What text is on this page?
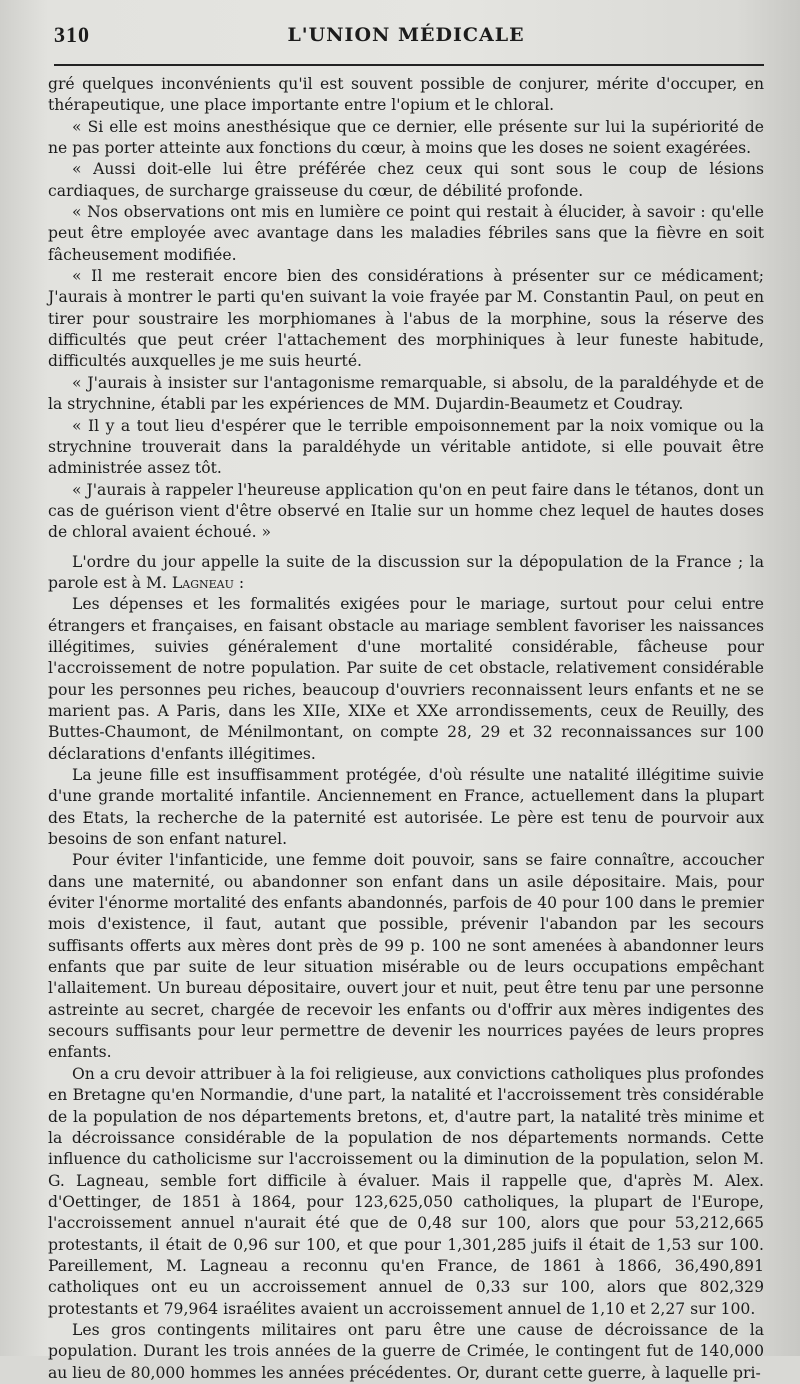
310	L'UNION MÉDICALE

gré quelques inconvénients qu'il est souvent possible de conjurer, mérite d'occuper, en thérapeutique, une place importante entre l'opium et le chloral.

« Si elle est moins anesthésique que ce dernier, elle présente sur lui la supériorité de ne pas porter atteinte aux fonctions du cœur, à moins que les doses ne soient exagérées.

« Aussi doit-elle lui être préférée chez ceux qui sont sous le coup de lésions cardiaques, de surcharge graisseuse du cœur, de débilité profonde.

« Nos observations ont mis en lumière ce point qui restait à élucider, à savoir : qu'elle peut être employée avec avantage dans les maladies fébriles sans que la fièvre en soit fâcheusement modifiée.

« Il me resterait encore bien des considérations à présenter sur ce médicament; J'aurais à montrer le parti qu'en suivant la voie frayée par M. Constantin Paul, on peut en tirer pour soustraire les morphiomanes à l'abus de la morphine, sous la réserve des difficultés que peut créer l'attachement des morphiniques à leur funeste habitude, difficultés auxquelles je me suis heurté.

« J'aurais à insister sur l'antagonisme remarquable, si absolu, de la paraldéhyde et de la strychnine, établi par les expériences de MM. Dujardin-Beaumetz et Coudray.

« Il y a tout lieu d'espérer que le terrible empoisonnement par la noix vomique ou la strychnine trouverait dans la paraldéhyde un véritable antidote, si elle pouvait être administrée assez tôt.

« J'aurais à rappeler l'heureuse application qu'on en peut faire dans le tétanos, dont un cas de guérison vient d'être observé en Italie sur un homme chez lequel de hautes doses de chloral avaient échoué. »

L'ordre du jour appelle la suite de la discussion sur la dépopulation de la France ; la parole est à M. Lagneau :

Les dépenses et les formalités exigées pour le mariage, surtout pour celui entre étrangers et françaises, en faisant obstacle au mariage semblent favoriser les naissances illégitimes, suivies généralement d'une mortalité considérable, fâcheuse pour l'accroissement de notre population. Par suite de cet obstacle, relativement considérable pour les personnes peu riches, beaucoup d'ouvriers reconnaissent leurs enfants et ne se marient pas. A Paris, dans les XIIe, XIXe et XXe arrondissements, ceux de Reuilly, des Buttes-Chaumont, de Ménilmontant, on compte 28, 29 et 32 reconnaissances sur 100 déclarations d'enfants illégitimes.

La jeune fille est insuffisamment protégée, d'où résulte une natalité illégitime suivie d'une grande mortalité infantile. Anciennement en France, actuellement dans la plupart des Etats, la recherche de la paternité est autorisée. Le père est tenu de pourvoir aux besoins de son enfant naturel.

Pour éviter l'infanticide, une femme doit pouvoir, sans se faire connaître, accoucher dans une maternité, ou abandonner son enfant dans un asile dépositaire. Mais, pour éviter l'énorme mortalité des enfants abandonnés, parfois de 40 pour 100 dans le premier mois d'existence, il faut, autant que possible, prévenir l'abandon par les secours suffisants offerts aux mères dont près de 99 p. 100 ne sont amenées à abandonner leurs enfants que par suite de leur situation misérable ou de leurs occupations empêchant l'allaitement. Un bureau dépositaire, ouvert jour et nuit, peut être tenu par une personne astreinte au secret, chargée de recevoir les enfants ou d'offrir aux mères indigentes des secours suffisants pour leur permettre de devenir les nourrices payées de leurs propres enfants.

On a cru devoir attribuer à la foi religieuse, aux convictions catholiques plus profondes en Bretagne qu'en Normandie, d'une part, la natalité et l'accroissement très considérable de la population de nos départements bretons, et, d'autre part, la natalité très minime et la décroissance considérable de la population de nos départements normands. Cette influence du catholicisme sur l'accroissement ou la diminution de la population, selon M. G. Lagneau, semble fort difficile à évaluer. Mais il rappelle que, d'après M. Alex. d'Oettinger, de 1851 à 1864, pour 123,625,050 catholiques, la plupart de l'Europe, l'accroissement annuel n'aurait été que de 0,48 sur 100, alors que pour 53,212,665 protestants, il était de 0,96 sur 100, et que pour 1,301,285 juifs il était de 1,53 sur 100. Pareillement, M. Lagneau a reconnu qu'en France, de 1861 à 1866, 36,490,891 catholiques ont eu un accroissement annuel de 0,33 sur 100, alors que 802,329 protestants et 79,964 israélites avaient un accroissement annuel de 1,10 et 2,27 sur 100.

Les gros contingents militaires ont paru être une cause de décroissance de la population. Durant les trois années de la guerre de Crimée, le contingent fut de 140,000 au lieu de 80,000 hommes les années précédentes. Or, durant cette guerre, à laquelle pri-
